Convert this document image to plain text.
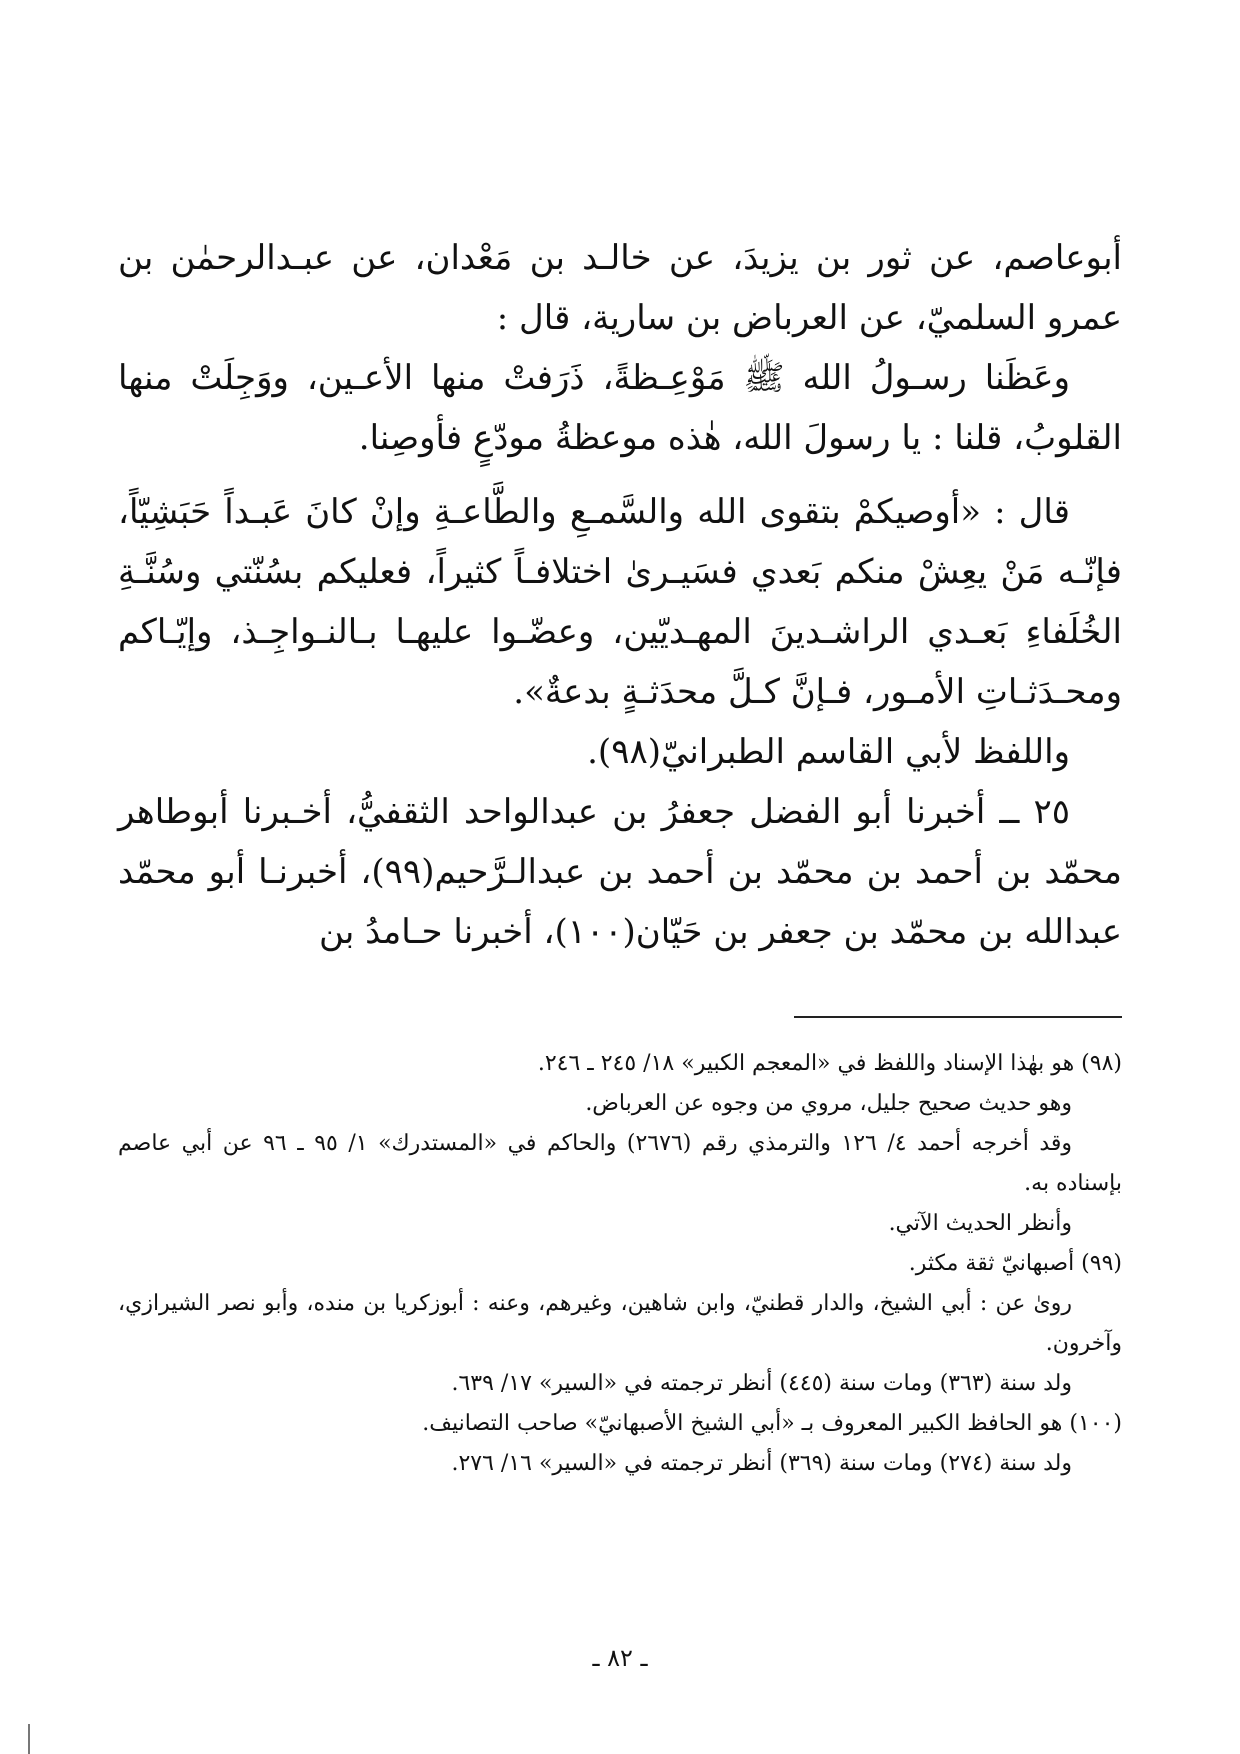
أبوعاصم، عن ثور بن يزيدَ، عن خالـد بن مَعْدان، عن عبـدالرحمٰن بن عمرو السلميّ، عن العرباض بن سارية، قال :

وعَظَنا رسـولُ الله ﷺ مَوْعِـظةً، ذَرَفتْ منها الأعـين، ووَجِلَتْ منها القلوبُ، قلنا : يا رسولَ الله، هٰذه موعظةُ مودّعٍ فأوصِنا.

قال : «أوصيكمْ بتقوى الله والسَّمـعِ والطَّاعـةِ وإنْ كانَ عَبـداً حَبَشِيّاً، فإنّـه مَنْ يعِشْ منكم بَعدي فسَيـرىٰ اختلافـاً كثيراً، فعليكم بسُنّتي وسُنَّـةِ الخُلَفاءِ بَعـدي الراشـدينَ المهـديّين، وعضّـوا عليهـا بـالنـواجِـذ، وإيّـاكم ومحـدَثـاتِ الأمـور، فـإنَّ كـلَّ محدَثـةٍ بدعةٌ».

واللفظ لأبي القاسم الطبرانيّ(٩٨).

٢٥ ــ أخبرنا أبو الفضل جعفرُ بن عبدالواحد الثقفيُّ، أخـبرنا أبوطاهر محمّد بن أحمد بن محمّد بن أحمد بن عبدالـرَّحيم(٩٩)، أخبرنـا أبو محمّد عبدالله بن محمّد بن جعفر بن حَيّان(١٠٠)، أخبرنا حـامدُ بن

(٩٨) هو بهٰذا الإسناد واللفظ في «المعجم الكبير» ١٨/ ٢٤٥ ـ ٢٤٦.

وهو حديث صحيح جليل، مروي من وجوه عن العرباض.

وقد أخرجه أحمد ٤/ ١٢٦ والترمذي رقم (٢٦٧٦) والحاكم في «المستدرك» ١/ ٩٥ ـ ٩٦ عن أبي عاصم بإسناده به.

وأنظر الحديث الآتي.

(٩٩) أصبهانيّ ثقة مكثر.

روىٰ عن : أبي الشيخ، والدار قطنيّ، وابن شاهين، وغيرهم، وعنه : أبوزكريا بن منده، وأبو نصر الشيرازي، وآخرون.

ولد سنة (٣٦٣) ومات سنة (٤٤٥) أنظر ترجمته في «السير» ١٧/ ٦٣٩.

(١٠٠) هو الحافظ الكبير المعروف بـ «أبي الشيخ الأصبهانيّ» صاحب التصانيف.

ولد سنة (٢٧٤) ومات سنة (٣٦٩) أنظر ترجمته في «السير» ١٦/ ٢٧٦.

ـ ٨٢ ـ
